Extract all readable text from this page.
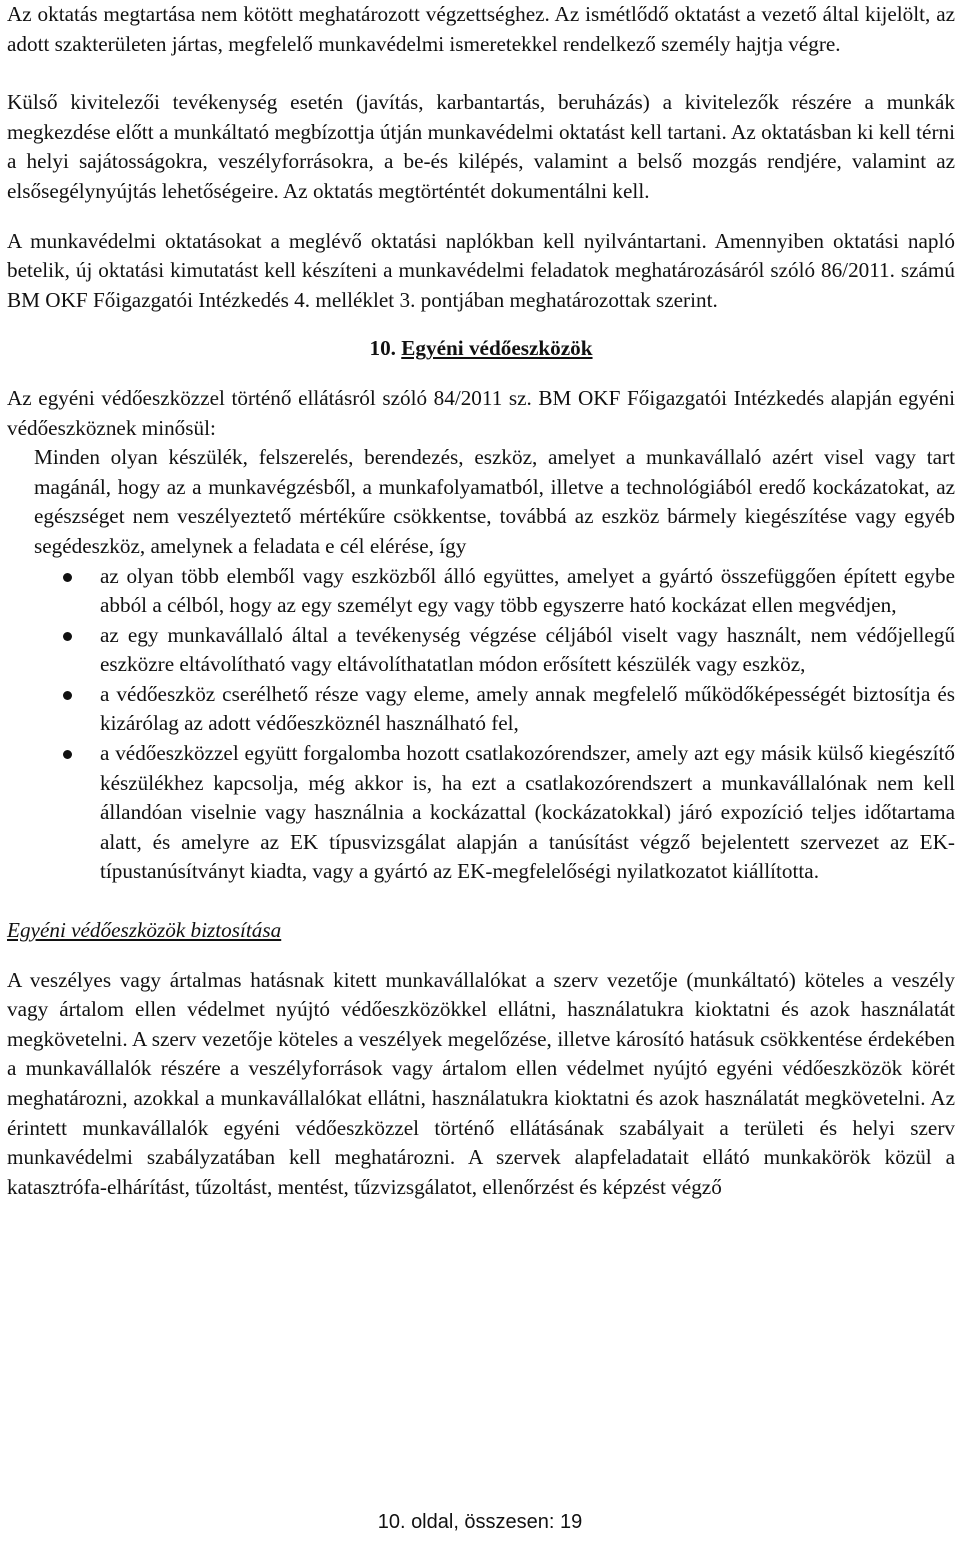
Az oktatás megtartása nem kötött meghatározott végzettséghez. Az ismétlődő oktatást a vezető által kijelölt, az adott szakterületen jártas, megfelelő munkavédelmi ismeretekkel rendelkező személy hajtja végre.

Külső kivitelezői tevékenység esetén (javítás, karbantartás, beruházás) a kivitelezők részére a munkák megkezdése előtt a munkáltató megbízottja útján munkavédelmi oktatást kell tartani. Az oktatásban ki kell térni a helyi sajátosságokra, veszélyforrásokra, a be-és kilépés, valamint a belső mozgás rendjére, valamint az elsősegélynyújtás lehetőségeire. Az oktatás megtörténtét dokumentálni kell.

A munkavédelmi oktatásokat a meglévő oktatási naplókban kell nyilvántartani. Amennyiben oktatási napló betelik, új oktatási kimutatást kell készíteni a munkavédelmi feladatok meghatározásáról szóló 86/2011. számú BM OKF Főigazgatói Intézkedés 4. melléklet 3. pontjában meghatározottak szerint.

10. Egyéni védőeszközök

Az egyéni védőeszközzel történő ellátásról szóló 84/2011 sz. BM OKF Főigazgatói Intézkedés alapján egyéni védőeszköznek minősül:

Minden olyan készülék, felszerelés, berendezés, eszköz, amelyet a munkavállaló azért visel vagy tart magánál, hogy az a munkavégzésből, a munkafolyamatból, illetve a technológiából eredő kockázatokat, az egészséget nem veszélyeztető mértékűre csökkentse, továbbá az eszköz bármely kiegészítése vagy egyéb segédeszköz, amelynek a feladata e cél elérése, így

az olyan több elemből vagy eszközből álló együttes, amelyet a gyártó összefüggően épített egybe abból a célból, hogy az egy személyt egy vagy több egyszerre ható kockázat ellen megvédjen,
az egy munkavállaló által a tevékenység végzése céljából viselt vagy használt, nem védőjellegű eszközre eltávolítható vagy eltávolíthatatlan módon erősített készülék vagy eszköz,
a védőeszköz cserélhető része vagy eleme, amely annak megfelelő működőképességét biztosítja és kizárólag az adott védőeszköznél használható fel,
a védőeszközzel együtt forgalomba hozott csatlakozórendszer, amely azt egy másik külső kiegészítő készülékhez kapcsolja, még akkor is, ha ezt a csatlakozórendszert a munkavállalónak nem kell állandóan viselnie vagy használnia a kockázattal (kockázatokkal) járó expozíció teljes időtartama alatt, és amelyre az EK típusvizsgálat alapján a tanúsítást végző bejelentett szervezet az EK-típustanúsítványt kiadta, vagy a gyártó az EK-megfelelőségi nyilatkozatot kiállította.
Egyéni védőeszközök biztosítása

A veszélyes vagy ártalmas hatásnak kitett munkavállalókat a szerv vezetője (munkáltató) köteles a veszély vagy ártalom ellen védelmet nyújtó védőeszközökkel ellátni, használatukra kioktatni és azok használatát megkövetelni. A szerv vezetője köteles a veszélyek megelőzése, illetve károsító hatásuk csökkentése érdekében a munkavállalók részére a veszélyforrások vagy ártalom ellen védelmet nyújtó egyéni védőeszközök körét meghatározni, azokkal a munkavállalókat ellátni, használatukra kioktatni és azok használatát megkövetelni. Az érintett munkavállalók egyéni védőeszközzel történő ellátásának szabályait a területi és helyi szerv munkavédelmi szabályzatában kell meghatározni. A szervek alapfeladatait ellátó munkakörök közül a katasztrófa-elhárítást, tűzoltást, mentést, tűzvizsgálatot, ellenőrzést és képzést végző

10. oldal, összesen: 19
